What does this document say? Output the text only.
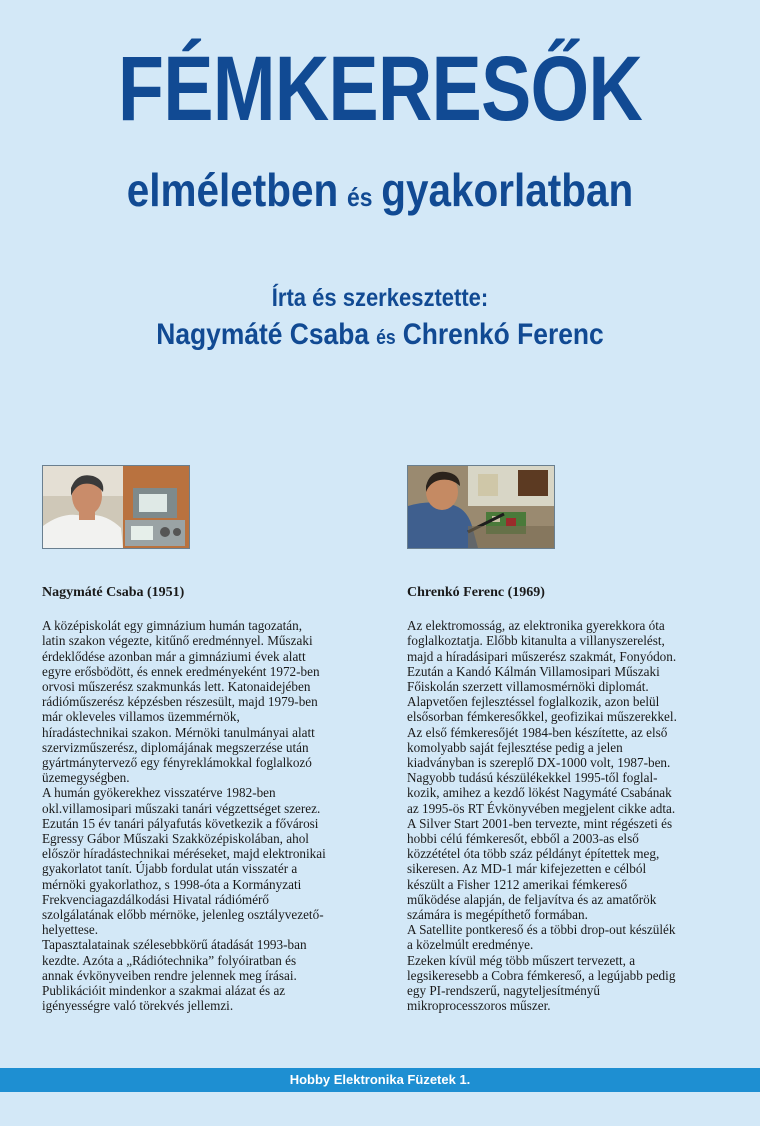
FÉMKERESŐK
elméletben és gyakorlatban
Írta és szerkesztette:
Nagymáté Csaba és Chrenkó Ferenc
Nagymáté Csaba (1951)

A középiskolát egy gimnázium humán tagozatán,
latin szakon végezte, kitűnő eredménnyel. Műszaki
érdeklődése azonban már a gimnáziumi évek alatt
egyre erősbödött, és ennek eredményeként 1972-ben
orvosi műszerész szakmunkás lett. Katonaidejében
rádióműszerész képzésben részesült, majd 1979-ben
már okleveles villamos üzemmérnök,
híradástechnikai szakon. Mérnöki tanulmányai alatt
szervizműszerész, diplomájának megszerzése után
gyártmánytervező egy fényreklámokkal foglalkozó
üzemegységben.
A humán gyökerekhez visszatérve 1982-ben
okl.villamosipari műszaki tanári végzettséget szerez.
Ezután 15 év tanári pályafutás következik a fővárosi
Egressy Gábor Műszaki Szakközépiskolában, ahol
először híradástechnikai méréseket, majd elektronikai
gyakorlatot tanít. Újabb fordulat után visszatér a
mérnöki gyakorlathoz, s 1998-óta a Kormányzati
Frekvenciagazdálkodási Hivatal rádiómérő
szolgálatának előbb mérnöke, jelenleg osztályvezető-
helyettese.
Tapasztalatainak szélesebbkörű átadását 1993-ban
kezdte. Azóta a „Rádiótechnika” folyóiratban és
annak évkönyveiben rendre jelennek meg írásai.
Publikációit mindenkor a szakmai alázat és az
igényességre való törekvés jellemzi.

Chrenkó Ferenc (1969)

Az elektromosság, az elektronika gyerekkora óta
foglalkoztatja. Előbb kitanulta a villanyszerelést,
majd a híradásipari műszerész szakmát, Fonyódon.
Ezután a Kandó Kálmán Villamosipari Műszaki
Főiskolán szerzett villamosmérnöki diplomát.
Alapvetően fejlesztéssel foglalkozik, azon belül
elsősorban fémkeresőkkel, geofizikai műszerekkel.
Az első fémkeresőjét 1984-ben készítette, az első
komolyabb saját fejlesztése pedig a jelen
kiadványban is szereplő DX-1000 volt, 1987-ben.
Nagyobb tudású készülékekkel 1995-től foglal-
kozik, amihez a kezdő lökést Nagymáté Csabának
az 1995-ös RT Évkönyvében megjelent cikke adta.
A Silver Start 2001-ben tervezte, mint régészeti és
hobbi célú fémkeresőt, ebből a 2003-as első
közzététel óta több száz példányt építettek meg,
sikeresen. Az MD-1 már kifejezetten e célból
készült a Fisher 1212 amerikai fémkereső
működése alapján, de feljavítva és az amatőrök
számára is megépíthető formában.
A Satellite pontkereső és a többi drop-out készülék
a közelmúlt eredménye.
Ezeken kívül még több műszert tervezett, a
legsikeresebb a Cobra fémkereső, a legújabb pedig
egy PI-rendszerű, nagyteljesítményű
mikroprocesszoros műszer.

Hobby Elektronika Füzetek 1.
